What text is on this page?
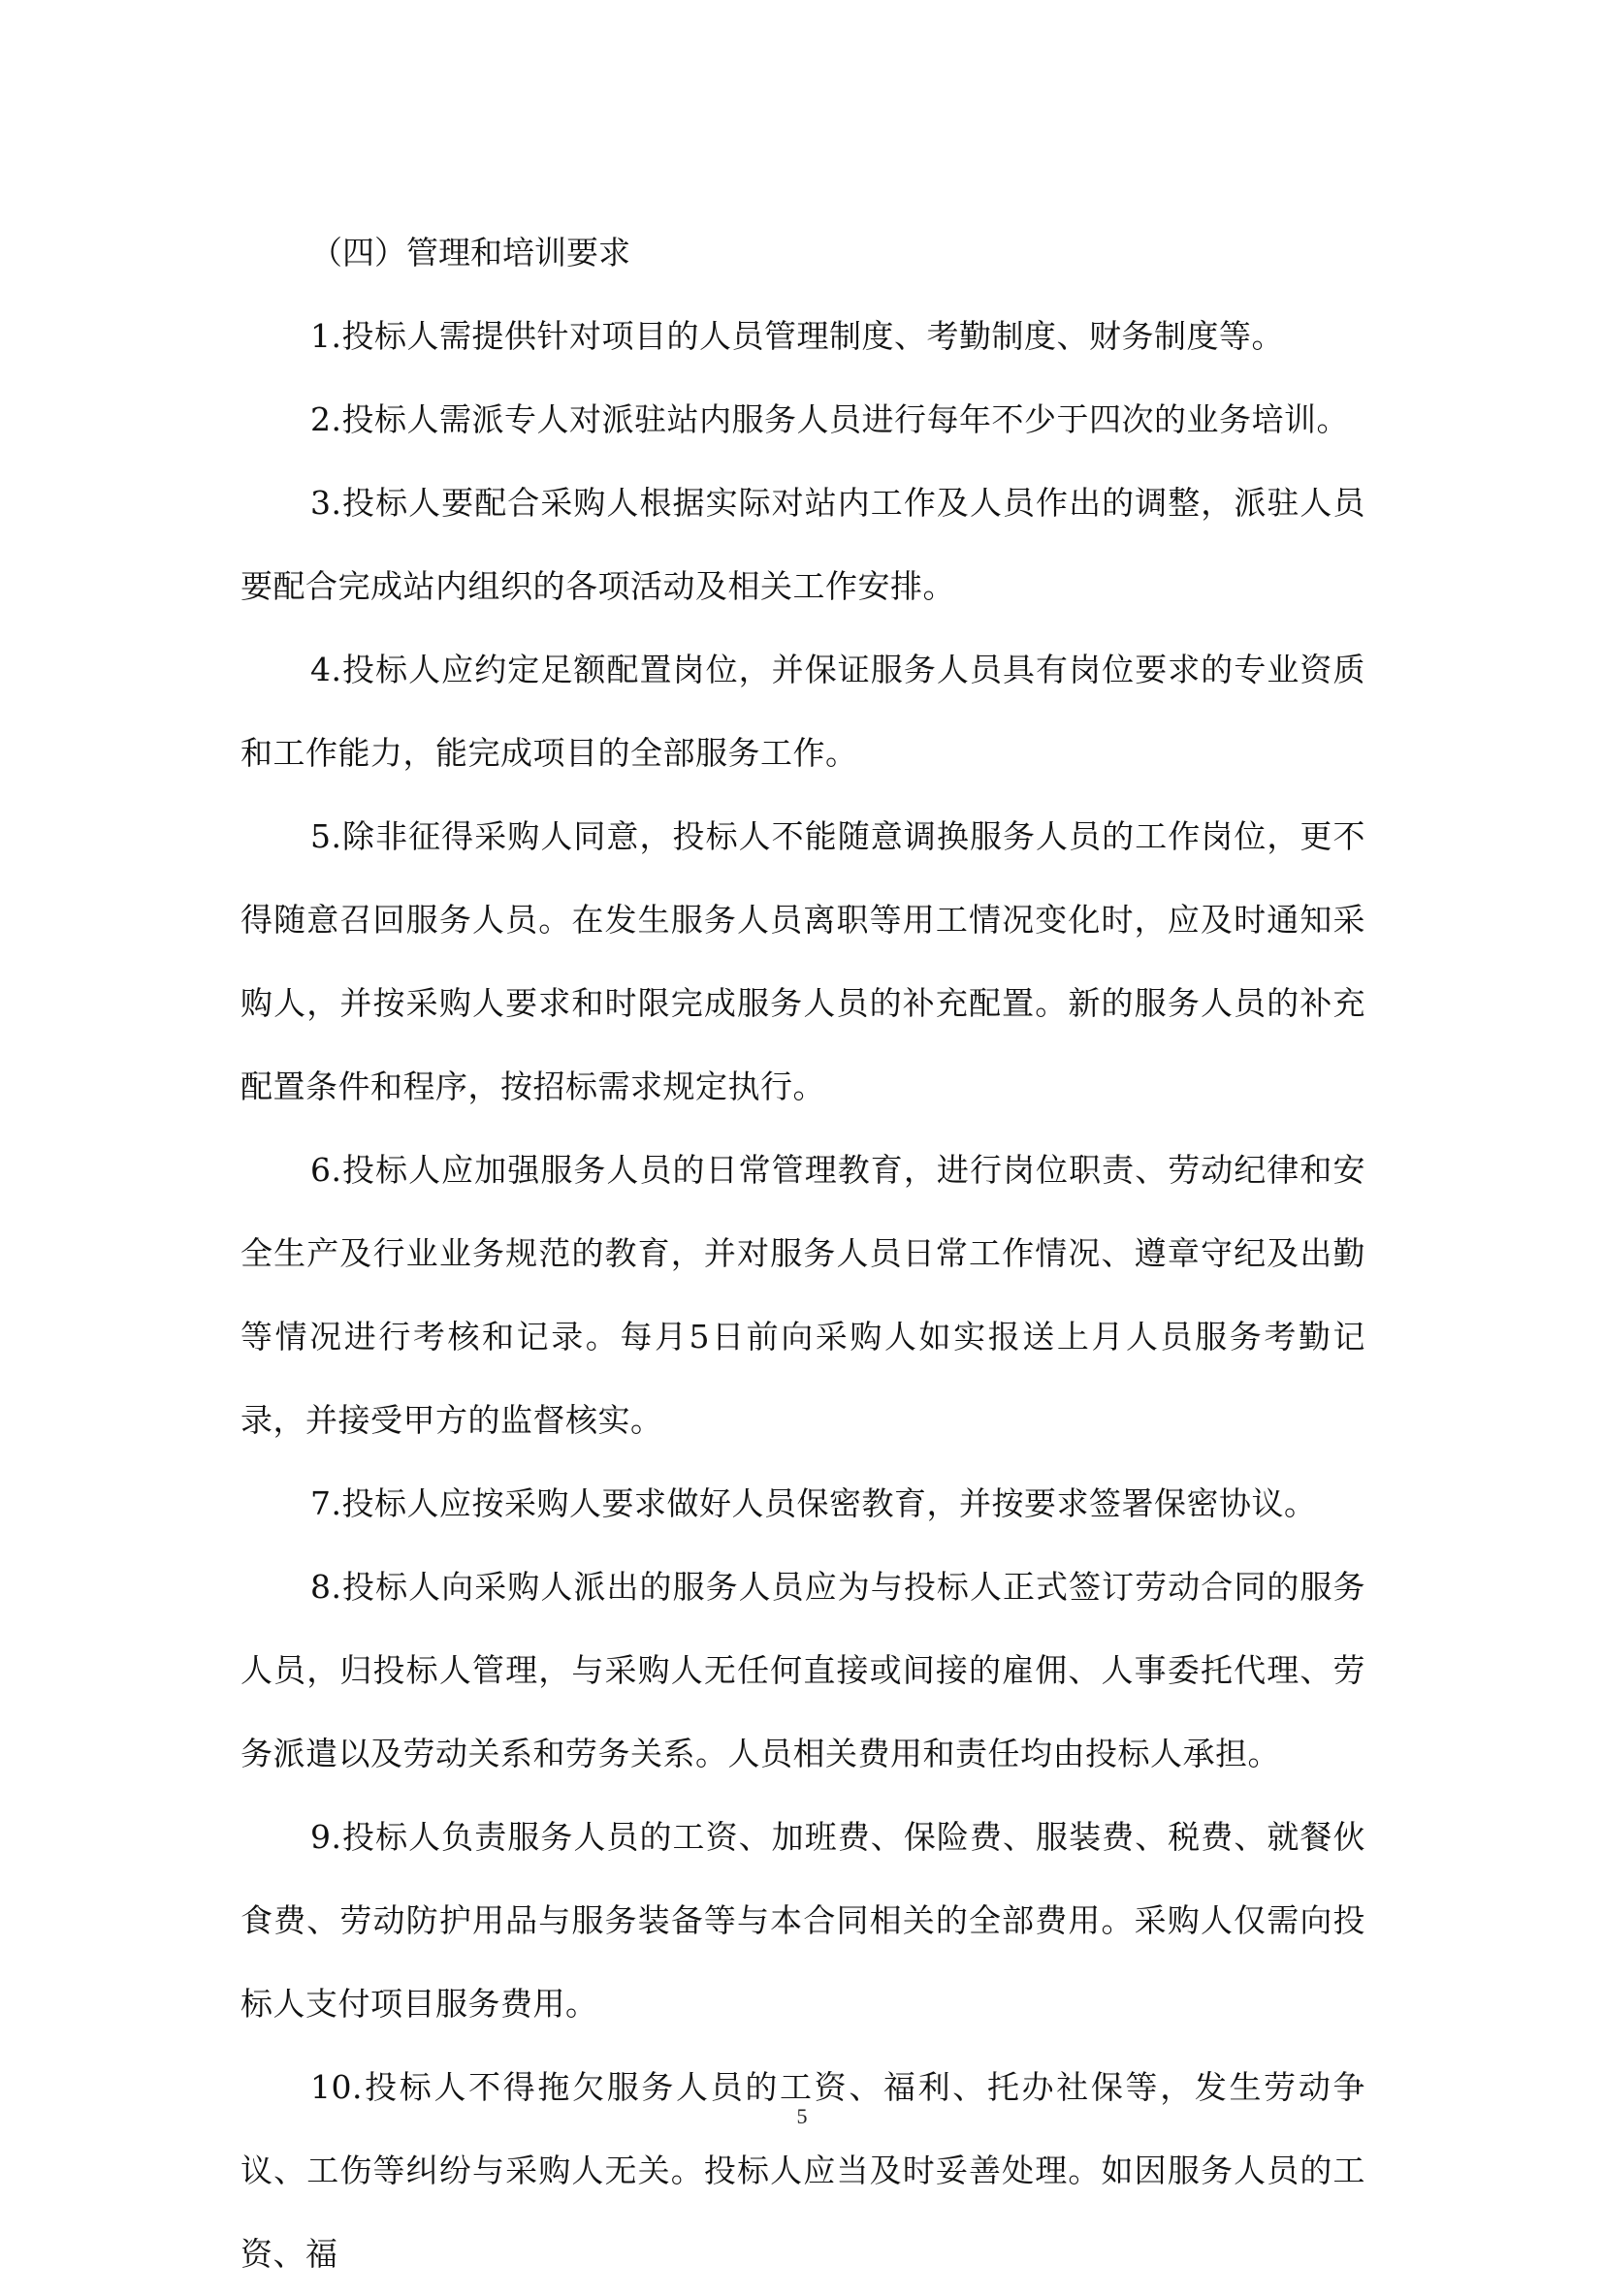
（四）管理和培训要求

1.投标人需提供针对项目的人员管理制度、考勤制度、财务制度等。

2.投标人需派专人对派驻站内服务人员进行每年不少于四次的业务培训。

3.投标人要配合采购人根据实际对站内工作及人员作出的调整，派驻人员要配合完成站内组织的各项活动及相关工作安排。

4.投标人应约定足额配置岗位，并保证服务人员具有岗位要求的专业资质和工作能力，能完成项目的全部服务工作。

5.除非征得采购人同意，投标人不能随意调换服务人员的工作岗位，更不得随意召回服务人员。在发生服务人员离职等用工情况变化时，应及时通知采购人，并按采购人要求和时限完成服务人员的补充配置。新的服务人员的补充配置条件和程序，按招标需求规定执行。

6.投标人应加强服务人员的日常管理教育，进行岗位职责、劳动纪律和安全生产及行业业务规范的教育，并对服务人员日常工作情况、遵章守纪及出勤等情况进行考核和记录。每月5日前向采购人如实报送上月人员服务考勤记录，并接受甲方的监督核实。

7.投标人应按采购人要求做好人员保密教育，并按要求签署保密协议。

8.投标人向采购人派出的服务人员应为与投标人正式签订劳动合同的服务人员，归投标人管理，与采购人无任何直接或间接的雇佣、人事委托代理、劳务派遣以及劳动关系和劳务关系。人员相关费用和责任均由投标人承担。

9.投标人负责服务人员的工资、加班费、保险费、服装费、税费、就餐伙食费、劳动防护用品与服务装备等与本合同相关的全部费用。采购人仅需向投标人支付项目服务费用。

10.投标人不得拖欠服务人员的工资、福利、托办社保等，发生劳动争议、工伤等纠纷与采购人无关。投标人应当及时妥善处理。如因服务人员的工资、福

5
